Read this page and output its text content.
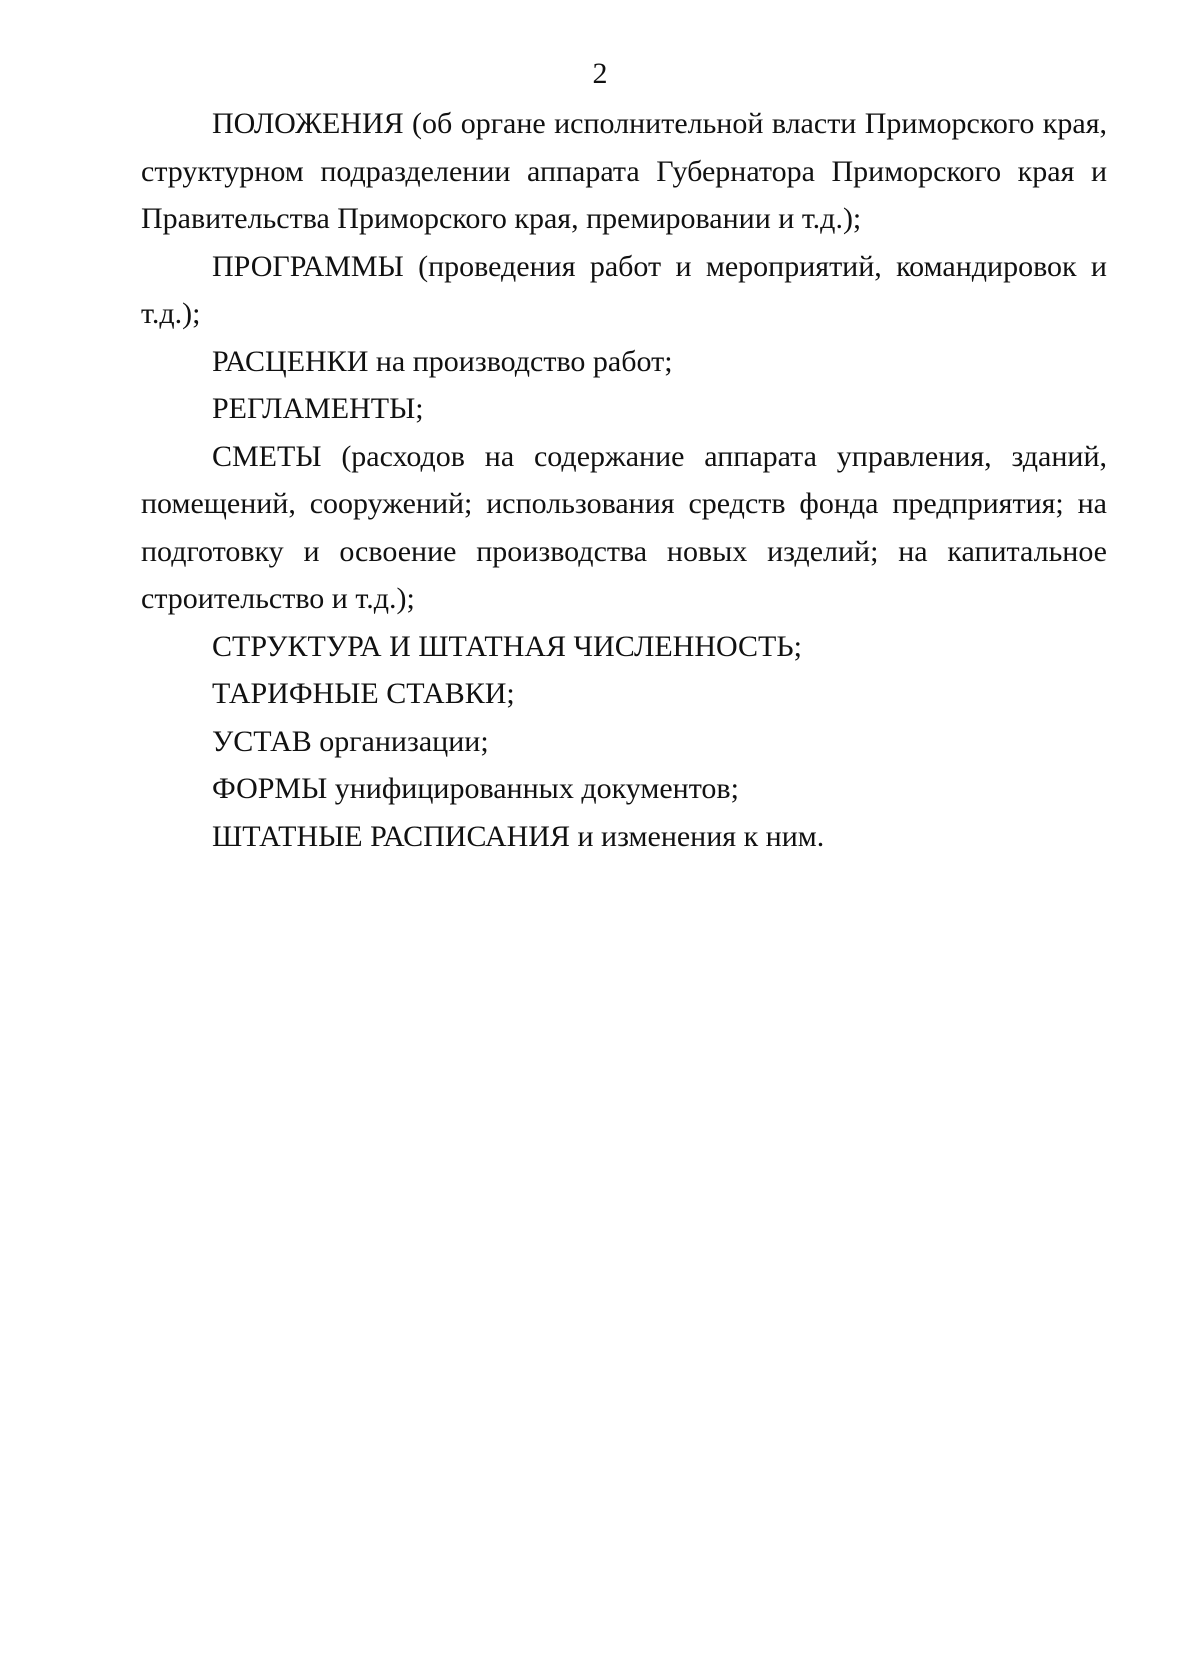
2

ПОЛОЖЕНИЯ (об органе исполнительной власти Приморского края, структурном подразделении аппарата Губернатора Приморского края и Правительства Приморского края, премировании и т.д.);

ПРОГРАММЫ (проведения работ и мероприятий, командировок и т.д.);

РАСЦЕНКИ на производство работ;

РЕГЛАМЕНТЫ;

СМЕТЫ (расходов на содержание аппарата управления, зданий, помещений, сооружений; использования средств фонда предприятия; на подготовку и освоение производства новых изделий; на капитальное строительство и т.д.);

СТРУКТУРА И ШТАТНАЯ ЧИСЛЕННОСТЬ;

ТАРИФНЫЕ СТАВКИ;

УСТАВ организации;

ФОРМЫ унифицированных документов;

ШТАТНЫЕ РАСПИСАНИЯ и изменения к ним.
